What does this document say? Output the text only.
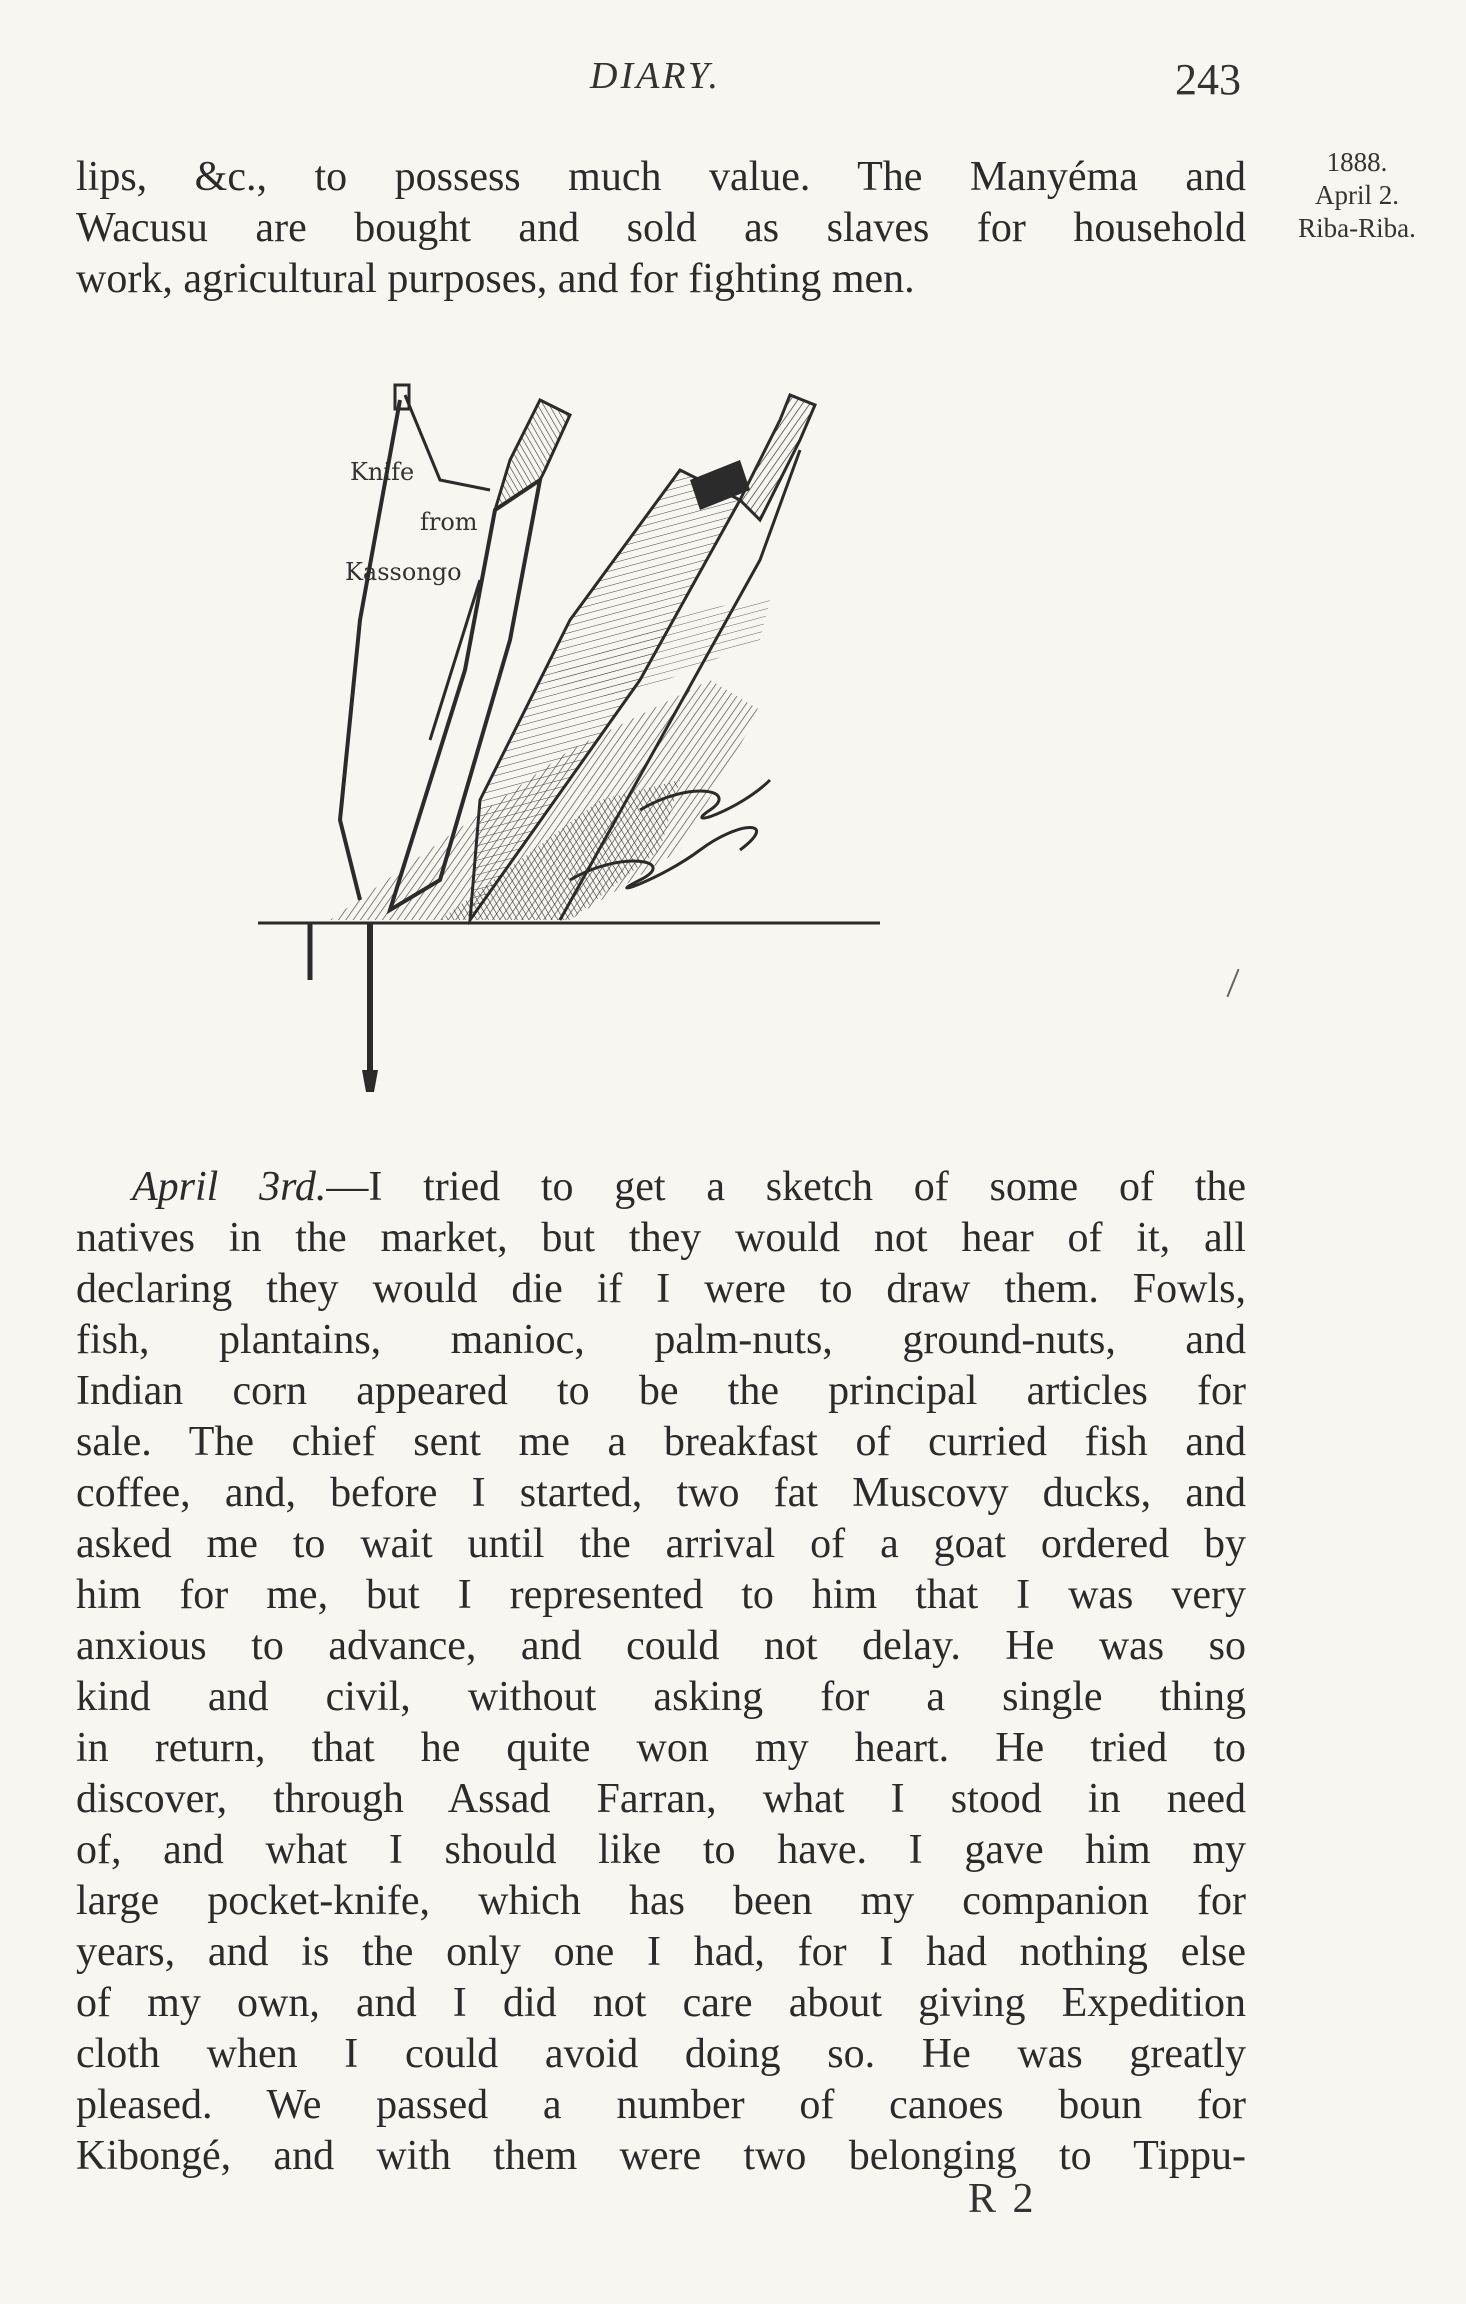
DIARY.	243
1888.
April 2.
Riba-Riba.
lips, &c., to possess much value. The Manyéma and
Wacusu are bought and sold as slaves for household
work, agricultural purposes, and for fighting men.
Knife
from
Kassongo
April 3rd.—I tried to get a sketch of some of the
natives in the market, but they would not hear of it, all
declaring they would die if I were to draw them. Fowls,
fish, plantains, manioc, palm-nuts, ground-nuts, and
Indian corn appeared to be the principal articles for
sale. The chief sent me a breakfast of curried fish and
coffee, and, before I started, two fat Muscovy ducks, and
asked me to wait until the arrival of a goat ordered by
him for me, but I represented to him that I was very
anxious to advance, and could not delay. He was so
kind and civil, without asking for a single thing
in return, that he quite won my heart. He tried to
discover, through Assad Farran, what I stood in need
of, and what I should like to have. I gave him my
large pocket-knife, which has been my companion for
years, and is the only one I had, for I had nothing else
of my own, and I did not care about giving Expedition
cloth when I could avoid doing so. He was greatly
pleased. We passed a number of canoes boun for
Kibongé, and with them were two belonging to Tippu-
R 2
